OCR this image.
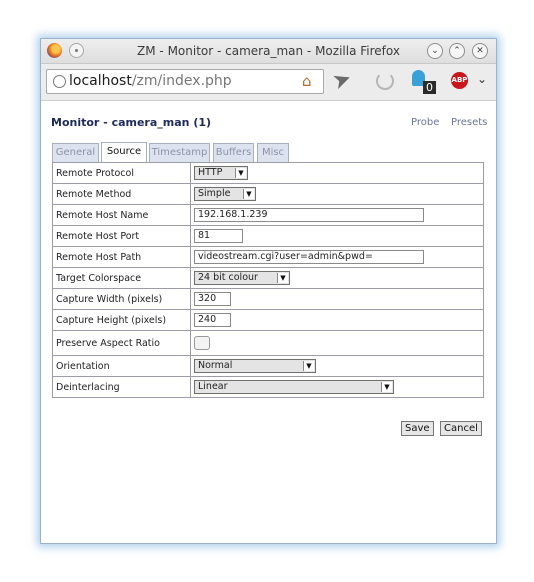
ZM - Monitor - camera_man - Mozilla Firefox	⌄	⌃	✕
localhost/zm/index.php	⌂ ➤	0
ABP ⌄
Monitor - camera_man (1)	Probe Presets
General	Source	Timestamp Buffers	Misc
Remote Protocol	HTTP ▼

Remote Method	Simple ▼

Remote Host Name	192.168.1.239
Remote Host Port	81
Remote Host Path	videostream.cgi?user=admin&pwd=
Target Colorspace	24 bit colour ▼

Capture Width (pixels)	320
Capture Height (pixels)	240
Preserve Aspect Ratio	
Orientation	Normal ▼

Deinterlacing	Linear ▼
Save	Cancel
